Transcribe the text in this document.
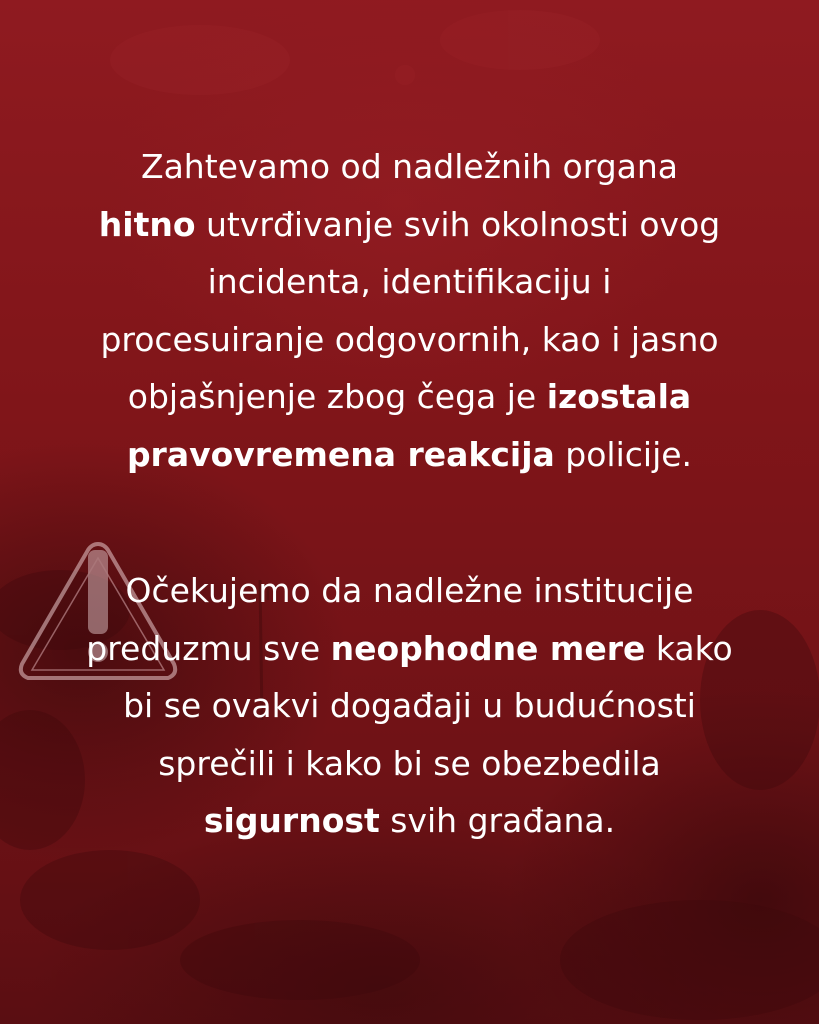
Zahtevamo od nadležnih organa
hitno utvrđivanje svih okolnosti ovog
incidenta, identifikaciju i
procesuiranje odgovornih, kao i jasno
objašnjenje zbog čega je izostala
pravovremena reakcija policije.
Očekujemo da nadležne institucije
preduzmu sve neophodne mere kako
bi se ovakvi događaji u budućnosti
sprečili i kako bi se obezbedila
sigurnost svih građana.
